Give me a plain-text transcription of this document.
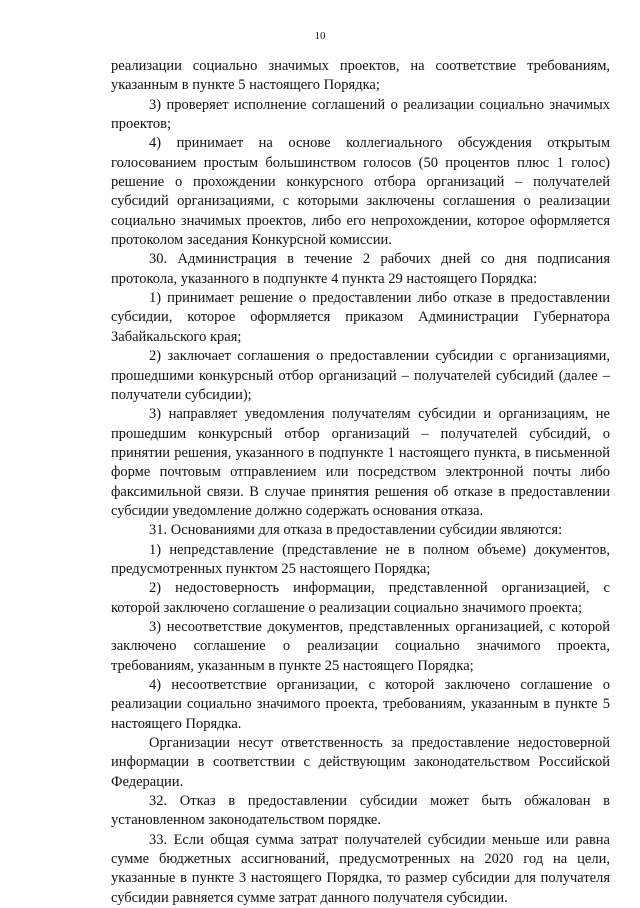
10

реализации социально значимых проектов, на соответствие требованиям, указанным в пункте 5 настоящего Порядка;

3) проверяет исполнение соглашений о реализации социально значимых проектов;

4) принимает на основе коллегиального обсуждения открытым голосованием простым большинством голосов (50 процентов плюс 1 голос) решение о прохождении конкурсного отбора организаций – получателей субсидий организациями, с которыми заключены соглашения о реализации социально значимых проектов, либо его непрохождении, которое оформляется протоколом заседания Конкурсной комиссии.

30. Администрация в течение 2 рабочих дней со дня подписания протокола, указанного в подпункте 4 пункта 29 настоящего Порядка:

1) принимает решение о предоставлении либо отказе в предоставлении субсидии, которое оформляется приказом Администрации Губернатора Забайкальского края;

2) заключает соглашения о предоставлении субсидии с организациями, прошедшими конкурсный отбор организаций – получателей субсидий (далее – получатели субсидии);

3) направляет уведомления получателям субсидии и организациям, не прошедшим конкурсный отбор организаций – получателей субсидий, о принятии решения, указанного в подпункте 1 настоящего пункта, в письменной форме почтовым отправлением или посредством электронной почты либо факсимильной связи. В случае принятия решения об отказе в предоставлении субсидии уведомление должно содержать основания отказа.

31. Основаниями для отказа в предоставлении субсидии являются:

1) непредставление (представление не в полном объеме) документов, предусмотренных пунктом 25 настоящего Порядка;

2) недостоверность информации, представленной организацией, с которой заключено соглашение о реализации социально значимого проекта;

3) несоответствие документов, представленных организацией, с которой заключено соглашение о реализации социально значимого проекта, требованиям, указанным в пункте 25 настоящего Порядка;

4) несоответствие организации, с которой заключено соглашение о реализации социально значимого проекта, требованиям, указанным в пункте 5 настоящего Порядка.

Организации несут ответственность за предоставление недостоверной информации в соответствии с действующим законодательством Российской Федерации.

32. Отказ в предоставлении субсидии может быть обжалован в установленном законодательством порядке.

33. Если общая сумма затрат получателей субсидии меньше или равна сумме бюджетных ассигнований, предусмотренных на 2020 год на цели, указанные в пункте 3 настоящего Порядка, то размер субсидии для получателя субсидии равняется сумме затрат данного получателя субсидии.
